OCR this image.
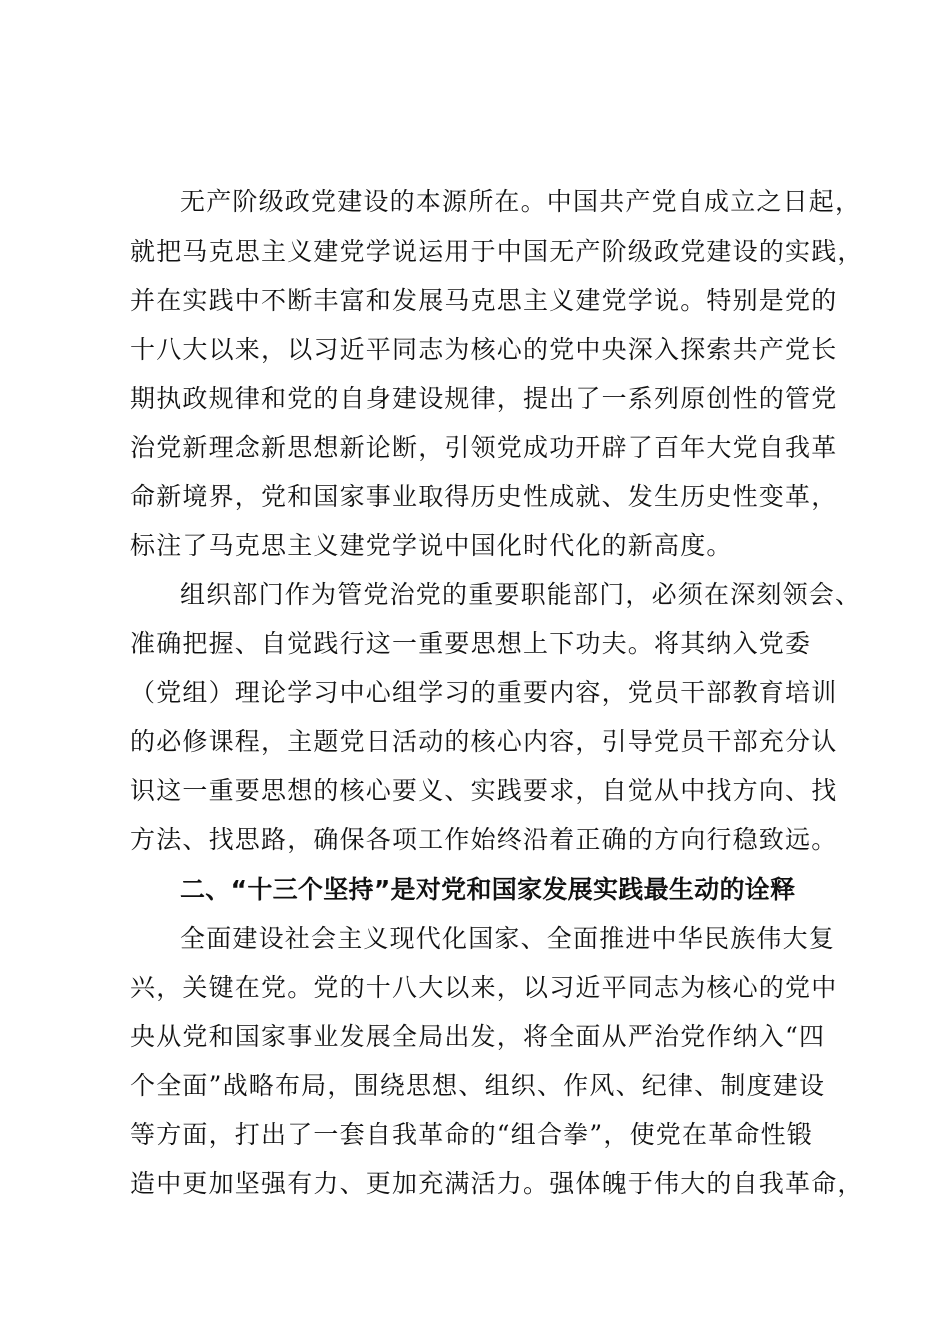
无产阶级政党建设的本源所在。中国共产党自成立之日起，
就把马克思主义建党学说运用于中国无产阶级政党建设的实践，
并在实践中不断丰富和发展马克思主义建党学说。特别是党的
十八大以来，以习近平同志为核心的党中央深入探索共产党长
期执政规律和党的自身建设规律，提出了一系列原创性的管党
治党新理念新思想新论断，引领党成功开辟了百年大党自我革
命新境界，党和国家事业取得历史性成就、发生历史性变革，
标注了马克思主义建党学说中国化时代化的新高度。
组织部门作为管党治党的重要职能部门，必须在深刻领会、
准确把握、自觉践行这一重要思想上下功夫。将其纳入党委
（党组）理论学习中心组学习的重要内容，党员干部教育培训
的必修课程，主题党日活动的核心内容，引导党员干部充分认
识这一重要思想的核心要义、实践要求，自觉从中找方向、找
方法、找思路，确保各项工作始终沿着正确的方向行稳致远。
二、“十三个坚持”是对党和国家发展实践最生动的诠释
全面建设社会主义现代化国家、全面推进中华民族伟大复
兴，关键在党。党的十八大以来，以习近平同志为核心的党中
央从党和国家事业发展全局出发，将全面从严治党作纳入“四
个全面”战略布局，围绕思想、组织、作风、纪律、制度建设
等方面，打出了一套自我革命的“组合拳”，使党在革命性锻
造中更加坚强有力、更加充满活力。强体魄于伟大的自我革命，
